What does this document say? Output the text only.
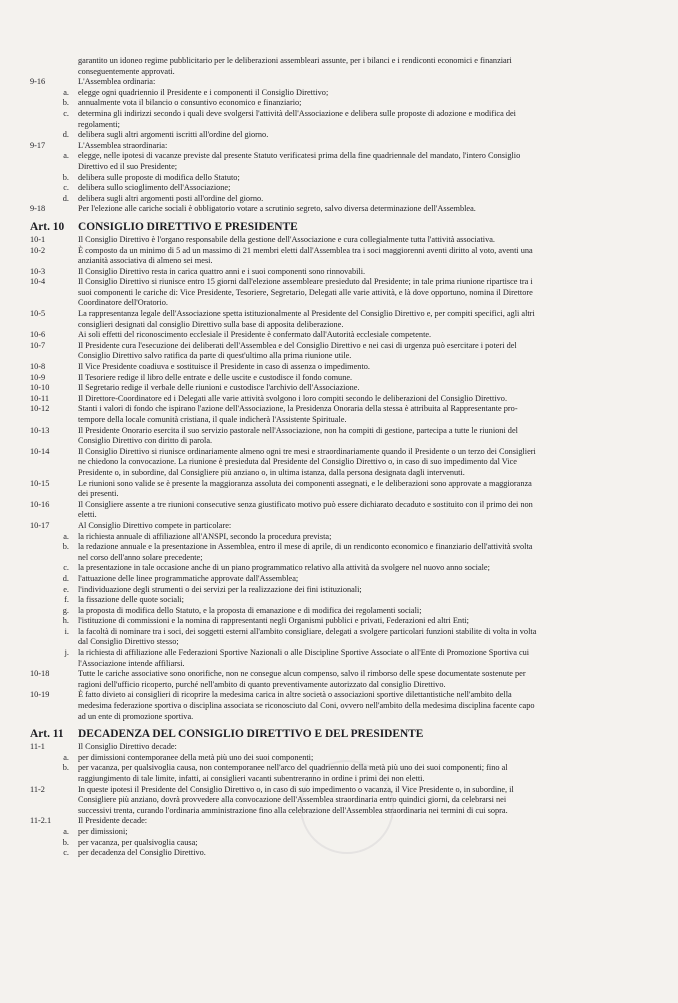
garantito un idoneo regime pubblicitario per le deliberazioni assembleari assunte, per i bilanci e i rendiconti economici e finanziari
conseguentemente approvati.
9-16	L'Assemblea ordinaria:
a.	elegge ogni quadriennio il Presidente e i componenti il Consiglio Direttivo;
b.	annualmente vota il bilancio o consuntivo economico e finanziario;
c.	determina gli indirizzi secondo i quali deve svolgersi l'attività dell'Associazione e delibera sulle proposte di adozione e modifica dei
regolamenti;
d.	delibera sugli altri argomenti iscritti all'ordine del giorno.
9-17	L'Assemblea straordinaria:
a.	elegge, nelle ipotesi di vacanze previste dal presente Statuto verificatesi prima della fine quadriennale del mandato, l'intero Consiglio
Direttivo ed il suo Presidente;
b.	delibera sulle proposte di modifica dello Statuto;
c.	delibera sullo scioglimento dell'Associazione;
d.	delibera sugli altri argomenti posti all'ordine del giorno.
9-18	Per l'elezione alle cariche sociali è obbligatorio votare a scrutinio segreto, salvo diversa determinazione dell'Assemblea.
Art. 10	CONSIGLIO DIRETTIVO E PRESIDENTE
10-1	Il Consiglio Direttivo è l'organo responsabile della gestione dell'Associazione e cura collegialmente tutta l'attività associativa.
10-2	È composto da un minimo di 5 ad un massimo di 21 membri eletti dall'Assemblea tra i soci maggiorenni aventi diritto al voto, aventi una
anzianità associativa di almeno sei mesi.
10-3	Il Consiglio Direttivo resta in carica quattro anni e i suoi componenti sono rinnovabili.
10-4	Il Consiglio Direttivo si riunisce entro 15 giorni dall'elezione assembleare presieduto dal Presidente; in tale prima riunione ripartisce tra i
suoi componenti le cariche di: Vice Presidente, Tesoriere, Segretario, Delegati alle varie attività, e là dove opportuno, nomina il Direttore
Coordinatore dell'Oratorio.
10-5	La rappresentanza legale dell'Associazione spetta istituzionalmente al Presidente del Consiglio Direttivo e, per compiti specifici, agli altri
consiglieri designati dal consiglio Direttivo sulla base di apposita deliberazione.
10-6	Ai soli effetti del riconoscimento ecclesiale il Presidente è confermato dall'Autorità ecclesiale competente.
10-7	Il Presidente cura l'esecuzione dei deliberati dell'Assemblea e del Consiglio Direttivo e nei casi di urgenza può esercitare i poteri del
Consiglio Direttivo salvo ratifica da parte di quest'ultimo alla prima riunione utile.
10-8	Il Vice Presidente coadiuva e sostituisce il Presidente in caso di assenza o impedimento.
10-9	Il Tesoriere redige il libro delle entrate e delle uscite e custodisce il fondo comune.
10-10	Il Segretario redige il verbale delle riunioni e custodisce l'archivio dell'Associazione.
10-11	Il Direttore-Coordinatore ed i Delegati alle varie attività svolgono i loro compiti secondo le deliberazioni del Consiglio Direttivo.
10-12	Stanti i valori di fondo che ispirano l'azione dell'Associazione, la Presidenza Onoraria della stessa è attribuita al Rappresentante pro-
tempore della locale comunità cristiana, il quale indicherà l'Assistente Spirituale.
10-13	Il Presidente Onorario esercita il suo servizio pastorale nell'Associazione, non ha compiti di gestione, partecipa a tutte le riunioni del
Consiglio Direttivo con diritto di parola.
10-14	Il Consiglio Direttivo si riunisce ordinariamente almeno ogni tre mesi e straordinariamente quando il Presidente o un terzo dei Consiglieri
ne chiedono la convocazione. La riunione è presieduta dal Presidente del Consiglio Direttivo o, in caso di suo impedimento dal Vice
Presidente o, in subordine, dal Consigliere più anziano o, in ultima istanza, dalla persona designata dagli intervenuti.
10-15	Le riunioni sono valide se è presente la maggioranza assoluta dei componenti assegnati, e le deliberazioni sono approvate a maggioranza
dei presenti.
10-16	Il Consigliere assente a tre riunioni consecutive senza giustificato motivo può essere dichiarato decaduto e sostituito con il primo dei non
eletti.
10-17	Al Consiglio Direttivo compete in particolare:
a.	la richiesta annuale di affiliazione all'ANSPI, secondo la procedura prevista;
b.	la redazione annuale e la presentazione in Assemblea, entro il mese di aprile, di un rendiconto economico e finanziario dell'attività svolta
nel corso dell'anno solare precedente;
c.	la presentazione in tale occasione anche di un piano programmatico relativo alla attività da svolgere nel nuovo anno sociale;
d.	l'attuazione delle linee programmatiche approvate dall'Assemblea;
e.	l'individuazione degli strumenti o dei servizi per la realizzazione dei fini istituzionali;
f.	la fissazione delle quote sociali;
g.	la proposta di modifica dello Statuto, e la proposta di emanazione e di modifica dei regolamenti sociali;
h.	l'istituzione di commissioni e la nomina di rappresentanti negli Organismi pubblici e privati, Federazioni ed altri Enti;
i.	la facoltà di nominare tra i soci, dei soggetti esterni all'ambito consigliare, delegati a svolgere particolari funzioni stabilite di volta in volta
dal Consiglio Direttivo stesso;
j.	la richiesta di affiliazione alle Federazioni Sportive Nazionali o alle Discipline Sportive Associate o all'Ente di Promozione Sportiva cui
l'Associazione intende affiliarsi.
10-18	Tutte le cariche associative sono onorifiche, non ne consegue alcun compenso, salvo il rimborso delle spese documentate sostenute per
ragioni dell'ufficio ricoperto, purché nell'ambito di quanto preventivamente autorizzato dal consiglio Direttivo.
10-19	È fatto divieto ai consiglieri di ricoprire la medesima carica in altre società o associazioni sportive dilettantistiche nell'ambito della
medesima federazione sportiva o disciplina associata se riconosciuto dal Coni, ovvero nell'ambito della medesima disciplina facente capo
ad un ente di promozione sportiva.
Art. 11	DECADENZA DEL CONSIGLIO DIRETTIVO E DEL PRESIDENTE
11-1	Il Consiglio Direttivo decade:
a.	per dimissioni contemporanee della metà più uno dei suoi componenti;
b.	per vacanza, per qualsivoglia causa, non contemporanee nell'arco del quadriennio della metà più uno dei suoi componenti; fino al
raggiungimento di tale limite, infatti, ai consiglieri vacanti subentreranno in ordine i primi dei non eletti.
11-2	In queste ipotesi il Presidente del Consiglio Direttivo o, in caso di suo impedimento o vacanza, il Vice Presidente o, in subordine, il
Consigliere più anziano, dovrà provvedere alla convocazione dell'Assemblea straordinaria entro quindici giorni, da celebrarsi nei
successivi trenta, curando l'ordinaria amministrazione fino alla celebrazione dell'Assemblea straordinaria nei termini di cui sopra.
11-2.1	Il Presidente decade:
a.	per dimissioni;
b.	per vacanza, per qualsivoglia causa;
c.	per decadenza del Consiglio Direttivo.
